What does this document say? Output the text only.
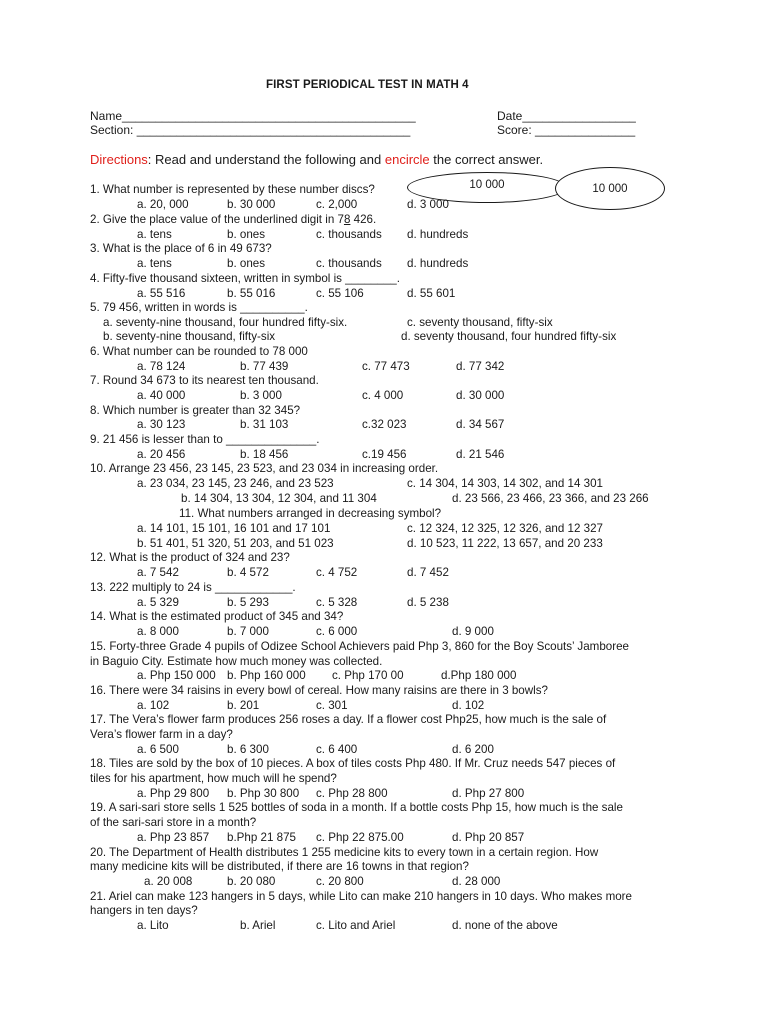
FIRST PERIODICAL TEST IN MATH 4
Name____________________________________________	Date_________________
Section: _________________________________________	Score: _______________
Directions: Read and understand the following and encircle the correct answer.
10 000	10 000
1. What number is represented by these number discs?
a. 20, 000	b. 30 000	c. 2,000	d. 3 000
2. Give the place value of the underlined digit in 78 426.
a. tens	b. ones	c. thousands d. hundreds
3. What is the place of 6 in 49 673?
a. tens	b. ones	c. thousands d. hundreds
4. Fifty-five thousand sixteen, written in symbol is ________.
a. 55 516	b. 55 016	c. 55 106	d. 55 601
5. 79 456, written in words is __________.
a. seventy-nine thousand, four hundred fifty-six.	c. seventy thousand, fifty-six
b. seventy-nine thousand, fifty-six	d. seventy thousand, four hundred fifty-six
6. What number can be rounded to 78 000
a. 78 124	b. 77 439	c. 77 473	d. 77 342
7. Round 34 673 to its nearest ten thousand.
a. 40 000	b. 3 000	c. 4 000	d. 30 000
8. Which number is greater than 32 345?
a. 30 123	b. 31 103	c.32 023	d. 34 567
9. 21 456 is lesser than to ______________.
a. 20 456	b. 18 456	c.19 456	d. 21 546
10. Arrange 23 456, 23 145, 23 523, and 23 034 in increasing order.
a. 23 034, 23 145, 23 246, and 23 523	c. 14 304, 14 303, 14 302, and 14 301
b. 14 304, 13 304, 12 304, and 11 304	d. 23 566, 23 466, 23 366, and 23 266
11. What numbers arranged in decreasing symbol?
a. 14 101, 15 101, 16 101 and 17 101	c. 12 324, 12 325, 12 326, and 12 327
b. 51 401, 51 320, 51 203, and 51 023	d. 10 523, 11 222, 13 657, and 20 233
12. What is the product of 324 and 23?
a. 7 542	b. 4 572	c. 4 752	d. 7 452
13. 222 multiply to 24 is ____________.
a. 5 329	b. 5 293	c. 5 328	d. 5 238
14. What is the estimated product of 345 and 34?
a. 8 000	b. 7 000	c. 6 000	d. 9 000
15. Forty-three Grade 4 pupils of Odizee School Achievers paid Php 3, 860 for the Boy Scouts’ Jamboree
in Baguio City. Estimate how much money was collected.
a. Php 150 000 b. Php 160 000 c. Php 170 00	d.Php 180 000
16. There were 34 raisins in every bowl of cereal. How many raisins are there in 3 bowls?
a. 102	b. 201	c. 301	d. 102
17. The Vera’s flower farm produces 256 roses a day. If a flower cost Php25, how much is the sale of
Vera’s flower farm in a day?
a. 6 500	b. 6 300	c. 6 400	d. 6 200
18. Tiles are sold by the box of 10 pieces. A box of tiles costs Php 480. If Mr. Cruz needs 547 pieces of
tiles for his apartment, how much will he spend?
a. Php 29 800 b. Php 30 800 c. Php 28 800	d. Php 27 800
19. A sari-sari store sells 1 525 bottles of soda in a month. If a bottle costs Php 15, how much is the sale
of the sari-sari store in a month?
a. Php 23 857 b.Php 21 875 c. Php 22 875.00	d. Php 20 857
20. The Department of Health distributes 1 255 medicine kits to every town in a certain region. How
many medicine kits will be distributed, if there are 16 towns in that region?
a. 20 008	b. 20 080	c. 20 800	d. 28 000
21. Ariel can make 123 hangers in 5 days, while Lito can make 210 hangers in 10 days. Who makes more
hangers in ten days?
a. Lito	b. Ariel	c. Lito and Ariel	d. none of the above
